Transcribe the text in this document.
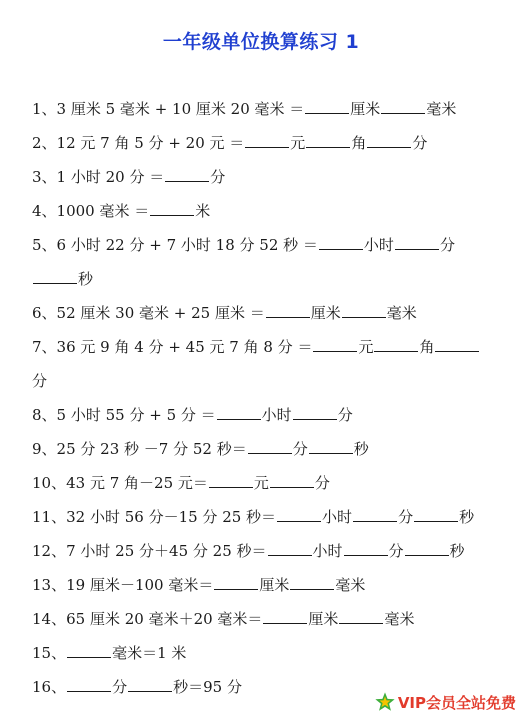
一年级单位换算练习 1
1、3 厘米 5 毫米 + 10 厘米 20 毫米 ＝	厘米	毫米
2、12 元 7 角 5 分 + 20 元 ＝	元	角	分
3、1 小时 20 分 ＝	分
4、1000 毫米 ＝	米
5、6 小时 22 分 + 7 小时 18 分 52 秒 ＝	小时	分
秒
6、52 厘米 30 毫米 + 25 厘米 ＝	厘米	毫米
7、36 元 9 角 4 分 + 45 元 7 角 8 分 ＝	元	角
分
8、5 小时 55 分 + 5 分 ＝	小时	分
9、25 分 23 秒 －7 分 52 秒＝	分	秒
10、43 元 7 角－25 元＝	元	分
11、32 小时 56 分－15 分 25 秒＝	小时	分	秒
12、7 小时 25 分＋45 分 25 秒＝	小时	分	秒
13、19 厘米－100 毫米＝	厘米	毫米
14、65 厘米 20 毫米＋20 毫米＝	厘米	毫米
15、	毫米＝1 米
16、	分	秒＝95 分
VIP会员全站免费
